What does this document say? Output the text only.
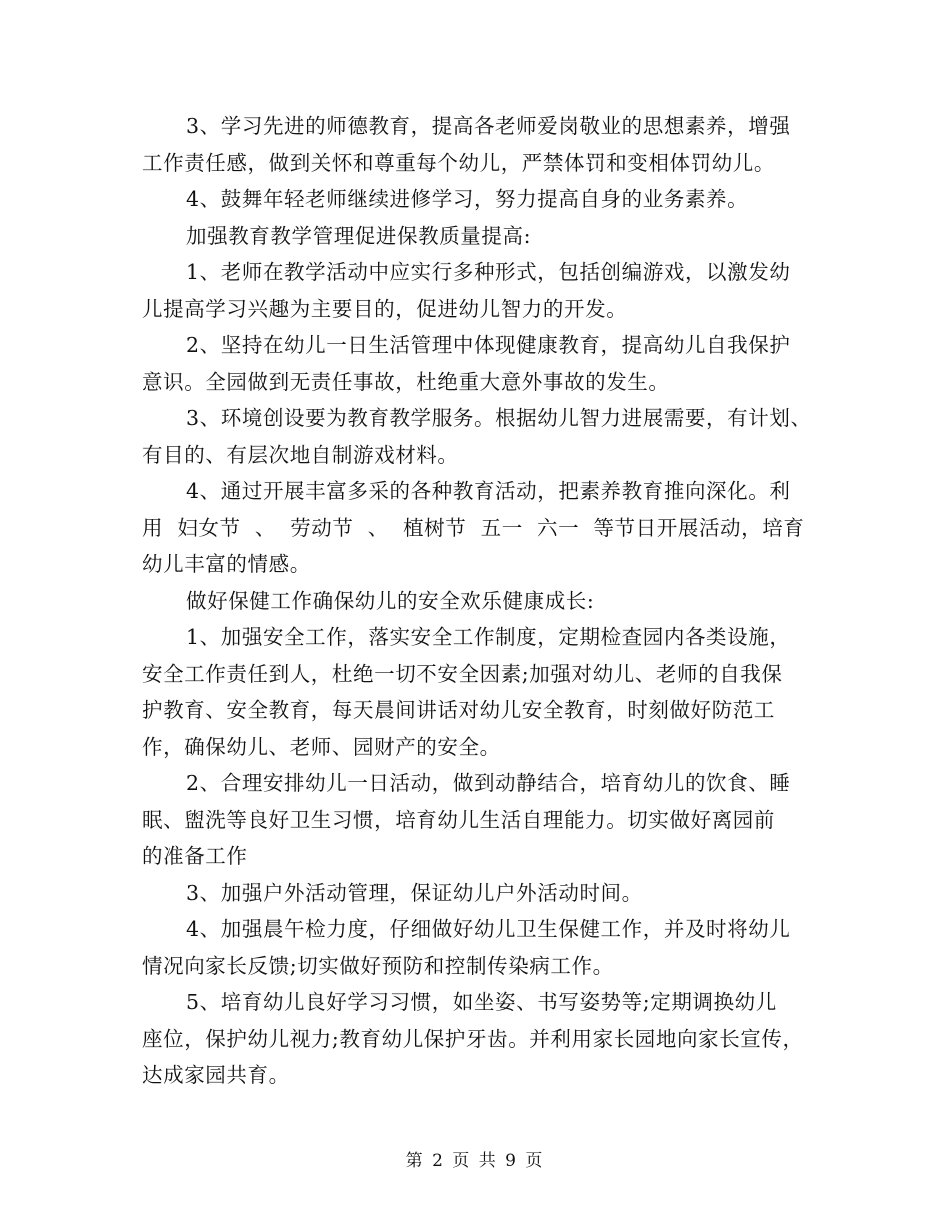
3、学习先进的师德教育，提高各老师爱岗敬业的思想素养，增强
工作责任感，做到关怀和尊重每个幼儿，严禁体罚和变相体罚幼儿。
4、鼓舞年轻老师继续进修学习，努力提高自身的业务素养。
加强教育教学管理促进保教质量提高:
1、老师在教学活动中应实行多种形式，包括创编游戏，以激发幼
儿提高学习兴趣为主要目的，促进幼儿智力的开发。
2、坚持在幼儿一日生活管理中体现健康教育，提高幼儿自我保护
意识。全园做到无责任事故，杜绝重大意外事故的发生。
3、环境创设要为教育教学服务。根据幼儿智力进展需要，有计划、
有目的、有层次地自制游戏材料。
4、通过开展丰富多采的各种教育活动，把素养教育推向深化。利
用  妇女节  、  劳动节  、  植树节  五一  六一  等节日开展活动，培育
幼儿丰富的情感。
做好保健工作确保幼儿的安全欢乐健康成长:
1、加强安全工作，落实安全工作制度，定期检查园内各类设施，
安全工作责任到人，杜绝一切不安全因素;加强对幼儿、老师的自我保
护教育、安全教育，每天晨间讲话对幼儿安全教育，时刻做好防范工
作，确保幼儿、老师、园财产的安全。
2、合理安排幼儿一日活动，做到动静结合，培育幼儿的饮食、睡
眠、盥洗等良好卫生习惯，培育幼儿生活自理能力。切实做好离园前
的准备工作
3、加强户外活动管理，保证幼儿户外活动时间。
4、加强晨午检力度，仔细做好幼儿卫生保健工作，并及时将幼儿
情况向家长反馈;切实做好预防和控制传染病工作。
5、培育幼儿良好学习习惯，如坐姿、书写姿势等;定期调换幼儿
座位，保护幼儿视力;教育幼儿保护牙齿。并利用家长园地向家长宣传，
达成家园共育。
第 2 页 共 9 页
